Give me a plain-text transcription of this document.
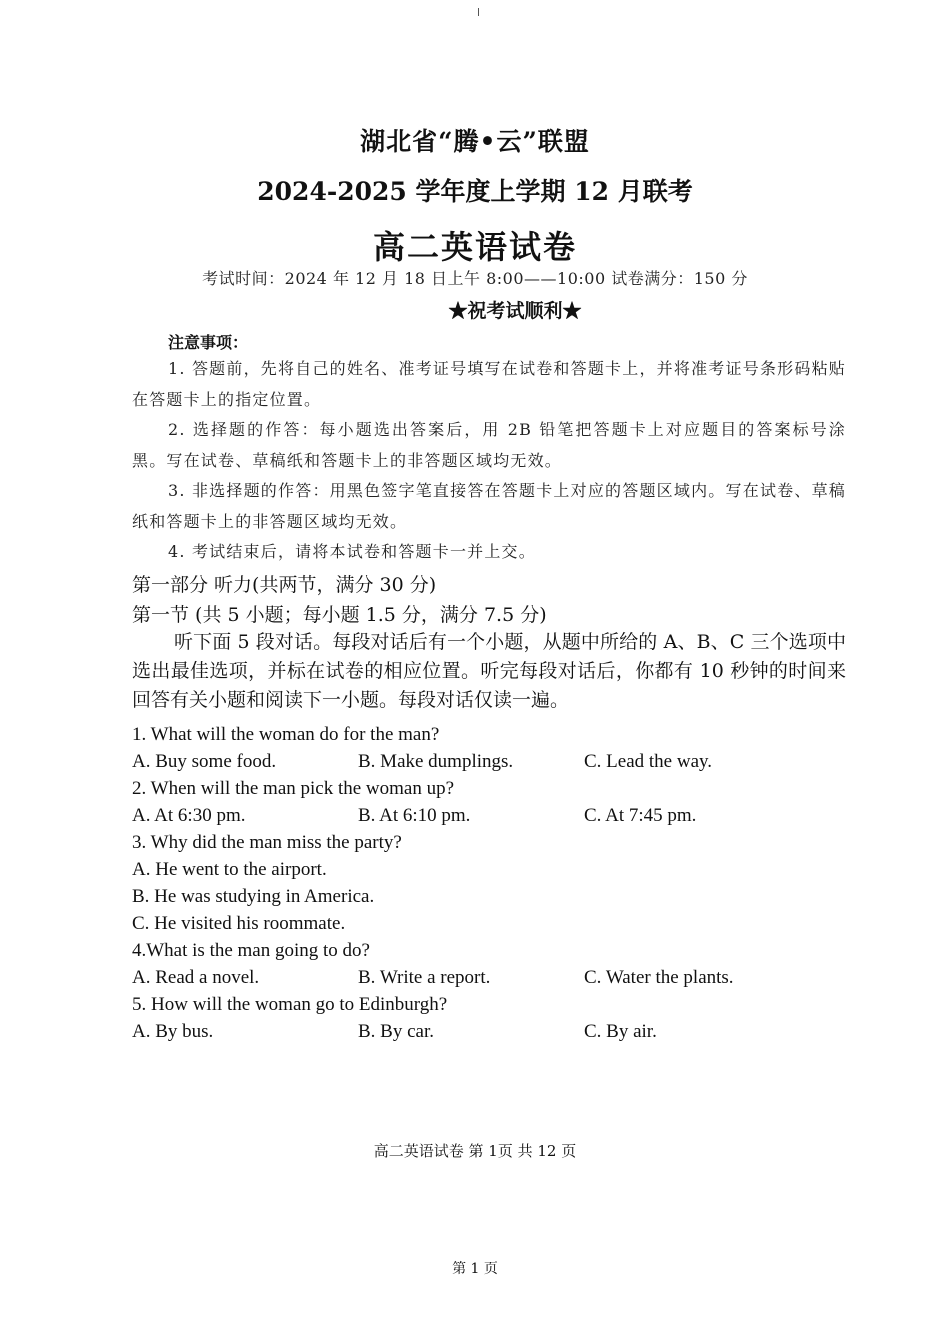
湖北省“腾•云”联盟
2024-2025 学年度上学期 12 月联考
高二英语试卷
考试时间：2024 年 12 月 18 日上午 8:00——10:00 试卷满分：150 分
★祝考试顺利★
注意事项：
1. 答题前，先将自己的姓名、准考证号填写在试卷和答题卡上，并将准考证号条形码粘贴在答题卡上的指定位置。
2. 选择题的作答：每小题选出答案后，用 2B 铅笔把答题卡上对应题目的答案标号涂黑。写在试卷、草稿纸和答题卡上的非答题区域均无效。
3. 非选择题的作答：用黑色签字笔直接答在答题卡上对应的答题区域内。写在试卷、草稿纸和答题卡上的非答题区域均无效。
4. 考试结束后，请将本试卷和答题卡一并上交。
第一部分 听力(共两节，满分 30 分)
第一节 (共 5 小题；每小题 1.5 分，满分 7.5 分)
听下面 5 段对话。每段对话后有一个小题，从题中所给的 A、B、C 三个选项中选出最佳选项，并标在试卷的相应位置。听完每段对话后，你都有 10 秒钟的时间来回答有关小题和阅读下一小题。每段对话仅读一遍。
1. What will the woman do for the man?
A. Buy some food.	B. Make dumplings.	C. Lead the way.
2. When will the man pick the woman up?
A. At 6:30 pm.	B. At 6:10 pm.	C. At 7:45 pm.
3. Why did the man miss the party?
A. He went to the airport.
B. He was studying in America.
C. He visited his roommate.
4.What is the man going to do?
A. Read a novel.	B. Write a report.	C. Water the plants.
5. How will the woman go to Edinburgh?
A. By bus.	B. By car.	C. By air.
高二英语试卷 第 1页 共 12 页
第 1 页
